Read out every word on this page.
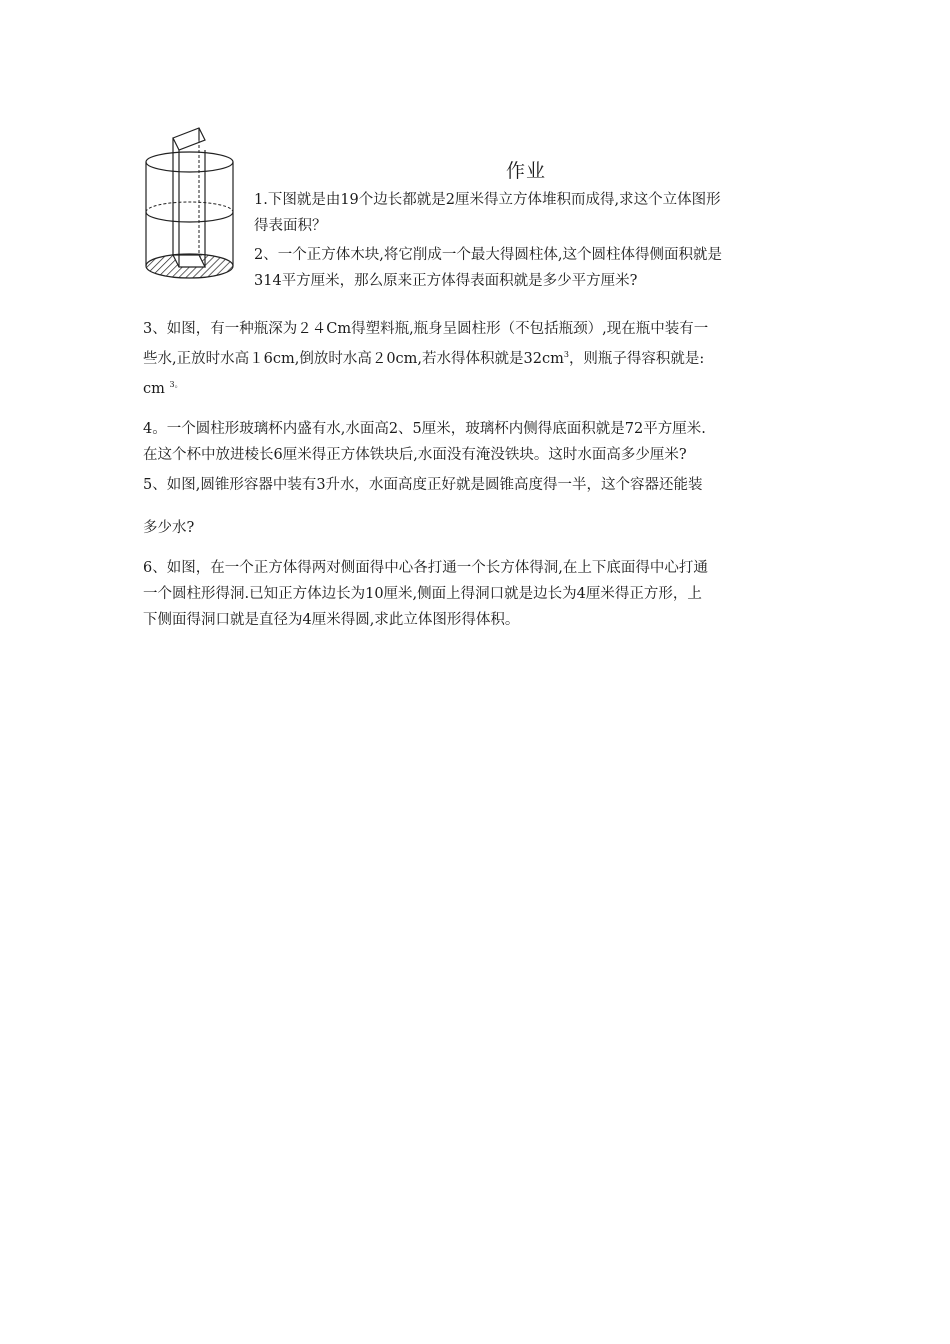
作业
1.下图就是由19个边长都就是2厘米得立方体堆积而成得,求这个立体图形
得表面积？
2、一个正方体木块,将它削成一个最大得圆柱体,这个圆柱体得侧面积就是
314平方厘米，那么原来正方体得表面积就是多少平方厘米?
3、如图，有一种瓶深为２４Cm得塑料瓶,瓶身呈圆柱形（不包括瓶颈）,现在瓶中装有一
些水,正放时水高１6cm,倒放时水高２0cm,若水得体积就是$32cm^3$，则瓶子得容积就是:
cm $^{3。}$
4。一个圆柱形玻璃杯内盛有水,水面高2、5厘米，玻璃杯内侧得底面积就是72平方厘米.
在这个杯中放进棱长6厘米得正方体铁块后,水面没有淹没铁块。这时水面高多少厘米?
5、如图,圆锥形容器中装有3升水，水面高度正好就是圆锥高度得一半，这个容器还能装
多少水?
6、如图，在一个正方体得两对侧面得中心各打通一个长方体得洞,在上下底面得中心打通
一个圆柱形得洞.已知正方体边长为10厘米,侧面上得洞口就是边长为4厘米得正方形，上
下侧面得洞口就是直径为4厘米得圆,求此立体图形得体积。
